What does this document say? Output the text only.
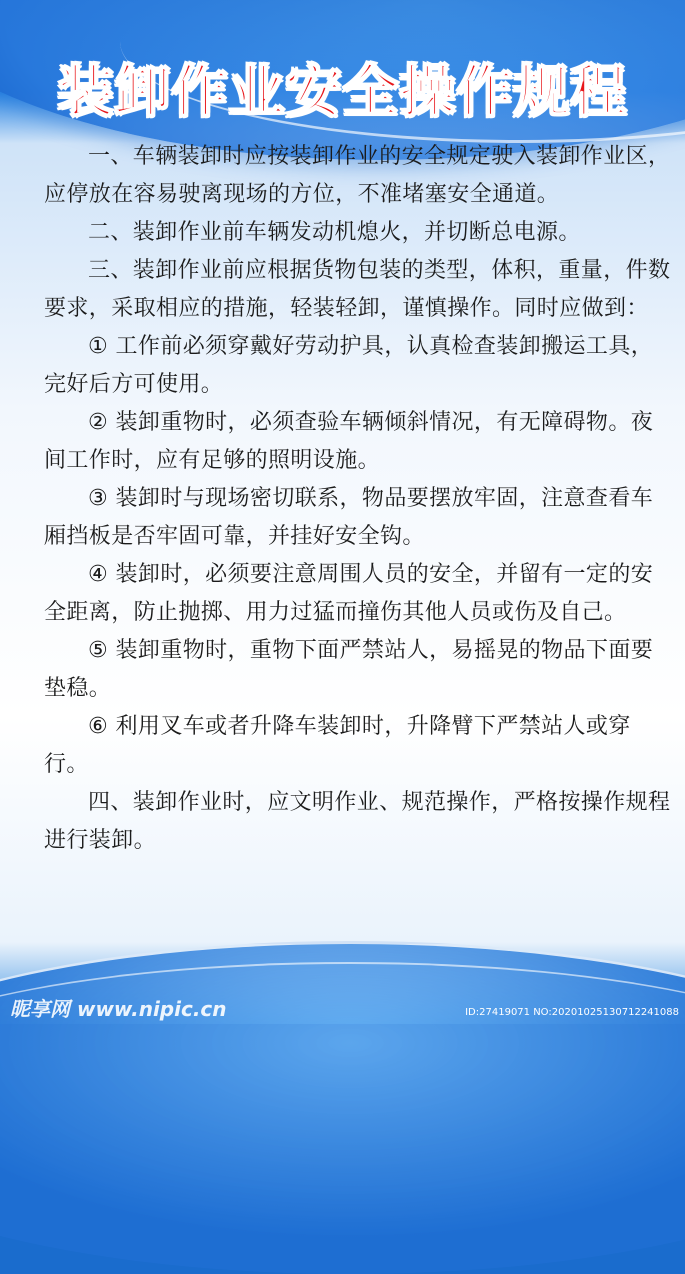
装卸作业安全操作规程

一、车辆装卸时应按装卸作业的安全规定驶入装卸作业区，应停放在容易驶离现场的方位，不准堵塞安全通道。

二、装卸作业前车辆发动机熄火，并切断总电源。

三、装卸作业前应根据货物包装的类型，体积，重量，件数要求，采取相应的措施，轻装轻卸，谨慎操作。同时应做到：

① 工作前必须穿戴好劳动护具，认真检查装卸搬运工具，完好后方可使用。

② 装卸重物时，必须查验车辆倾斜情况，有无障碍物。夜间工作时，应有足够的照明设施。

③ 装卸时与现场密切联系，物品要摆放牢固，注意查看车厢挡板是否牢固可靠，并挂好安全钩。

④ 装卸时，必须要注意周围人员的安全，并留有一定的安全距离，防止抛掷、用力过猛而撞伤其他人员或伤及自己。

⑤ 装卸重物时，重物下面严禁站人，易摇晃的物品下面要垫稳。

⑥ 利用叉车或者升降车装卸时，升降臂下严禁站人或穿行。

四、装卸作业时，应文明作业、规范操作，严格按操作规程进行装卸。

昵享网 www.nipic.cn	ID:27419071 NO:20201025130712241088
